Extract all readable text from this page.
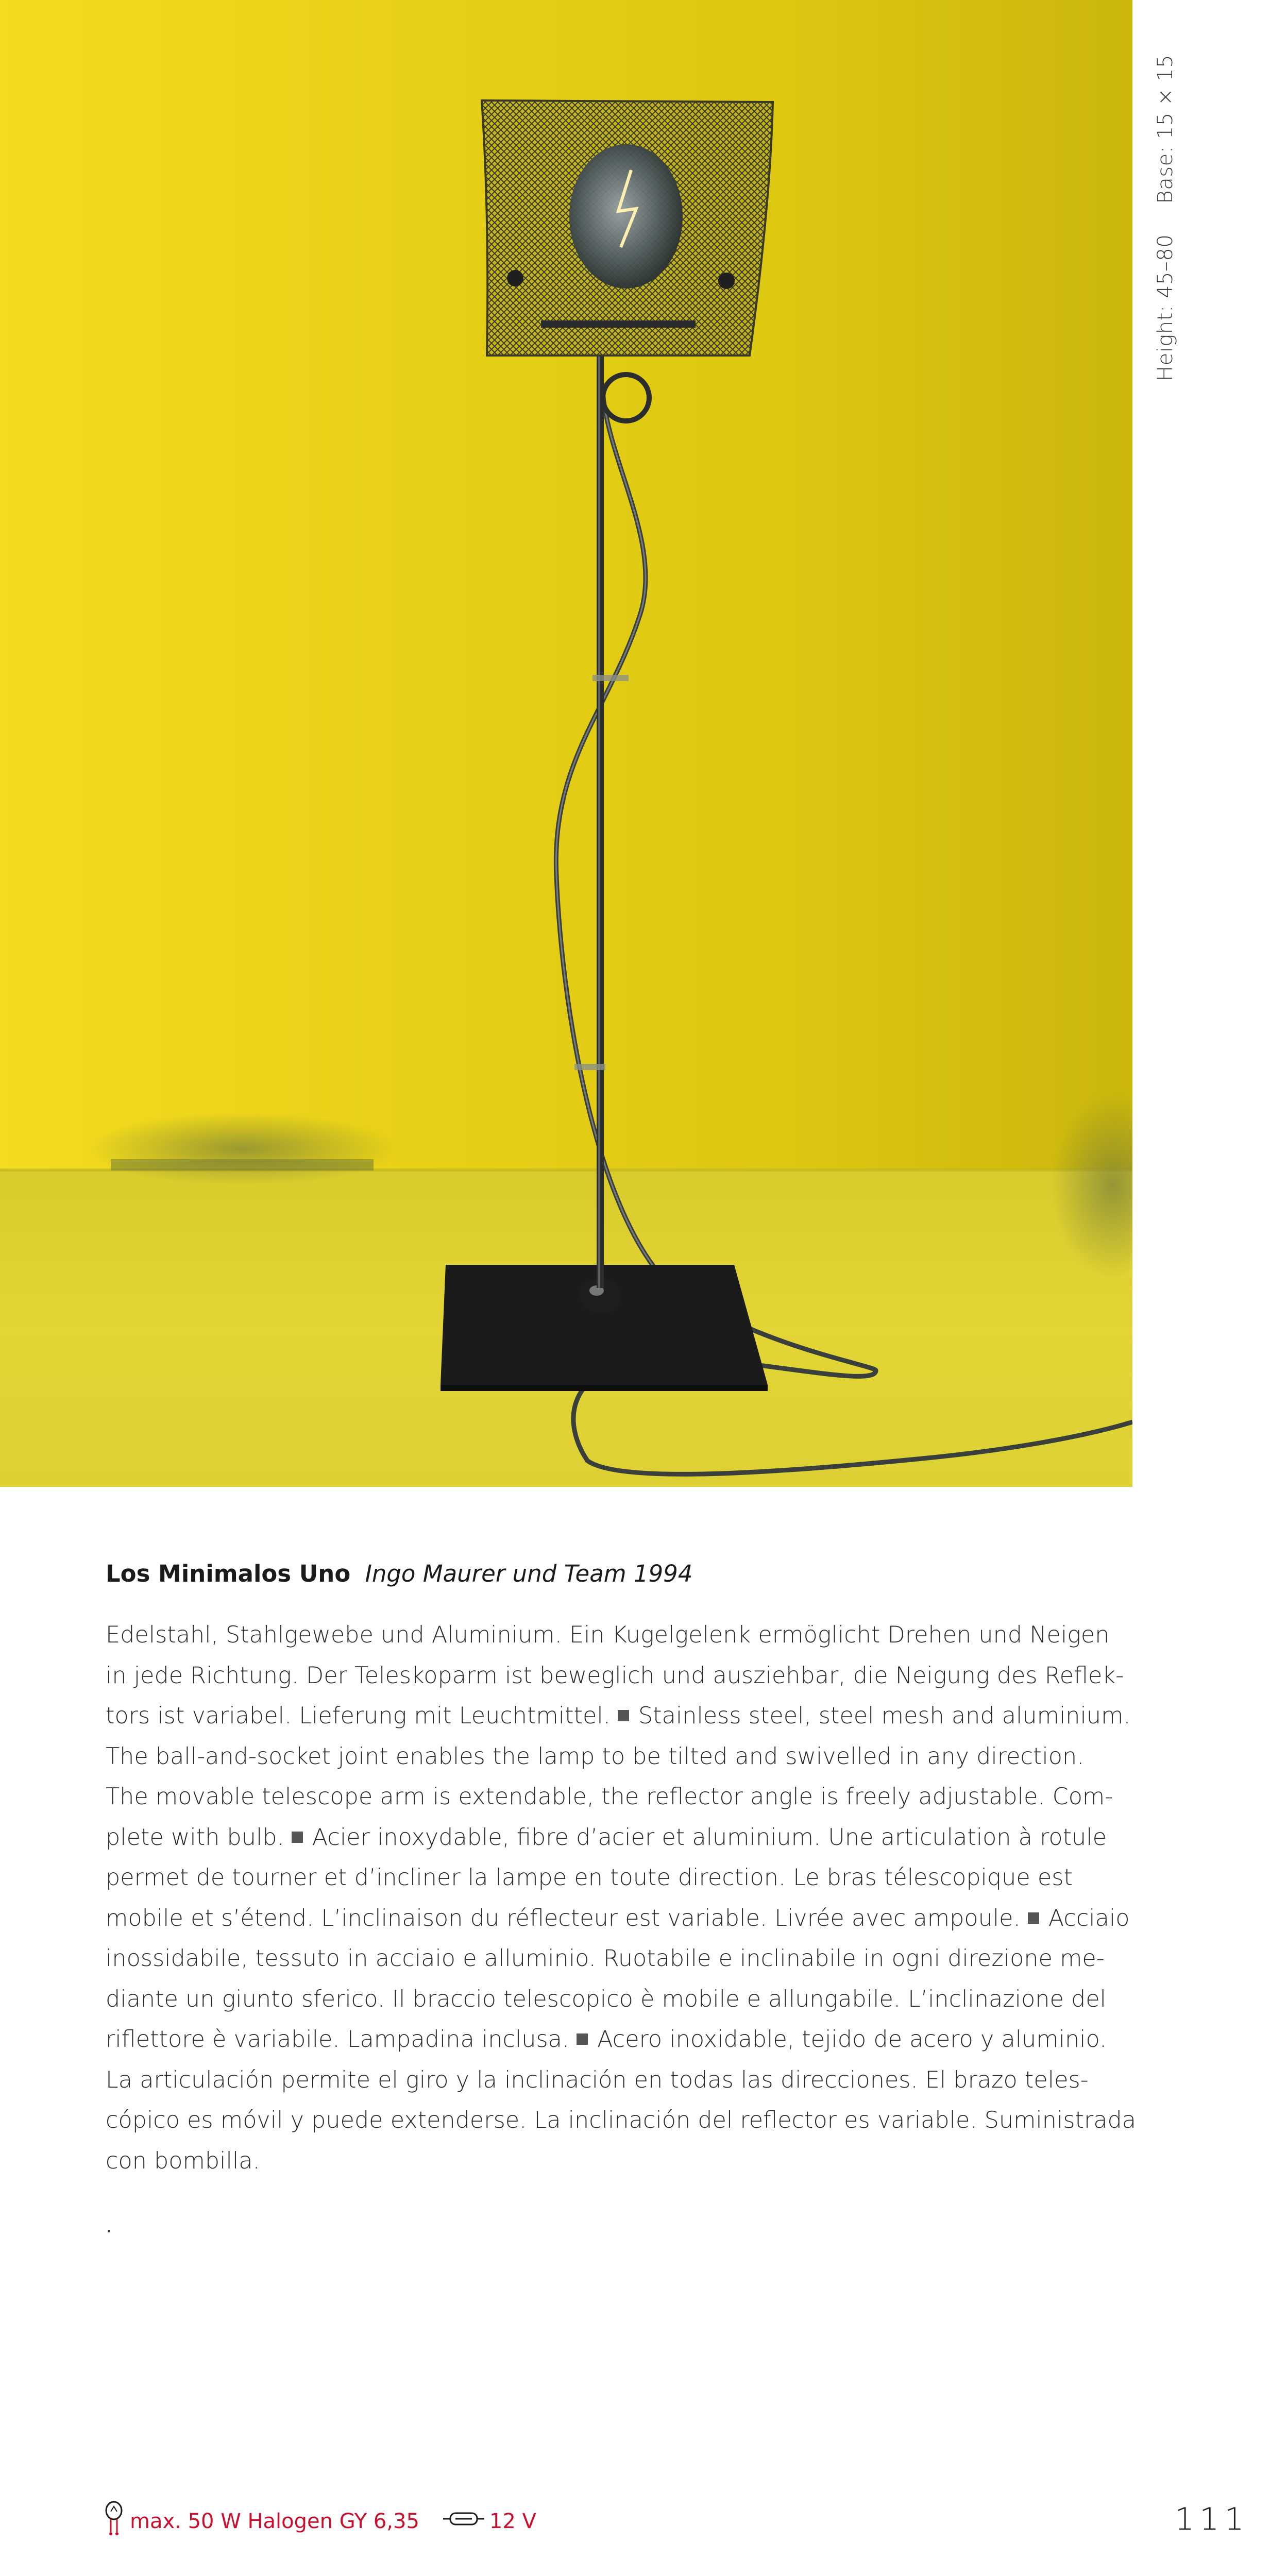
Height: 45–80 Base: 15 × 15
Los Minimalos Uno Ingo Maurer und Team 1994
Edelstahl, Stahlgewebe und Aluminium. Ein Kugelgelenk ermöglicht Drehen und Neigen
in jede Richtung. Der Teleskoparm ist beweglich und ausziehbar, die Neigung des Reflek-
tors ist variabel. Lieferung mit Leuchtmittel. Stainless steel, steel mesh and aluminium.
The ball-and-socket joint enables the lamp to be tilted and swivelled in any direction.
The movable telescope arm is extendable, the reflector angle is freely adjustable. Com-
plete with bulb. Acier inoxydable, fibre d’acier et aluminium. Une articulation à rotule
permet de tourner et d’incliner la lampe en toute direction. Le bras télescopique est
mobile et s’étend. L’inclinaison du réflecteur est variable. Livrée avec ampoule. Acciaio
inossidabile, tessuto in acciaio e alluminio. Ruotabile e inclinabile in ogni direzione me-
diante un giunto sferico. Il braccio telescopico è mobile e allungabile. L’inclinazione del
riflettore è variabile. Lampadina inclusa. Acero inoxidable, tejido de acero y aluminio.
La articulación permite el giro y la inclinación en todas las direcciones. El brazo teles-
cópico es móvil y puede extenderse. La inclinación del reflector es variable. Suministrada
con bombilla.
.
max. 50 W Halogen GY 6,35	12 V	111
